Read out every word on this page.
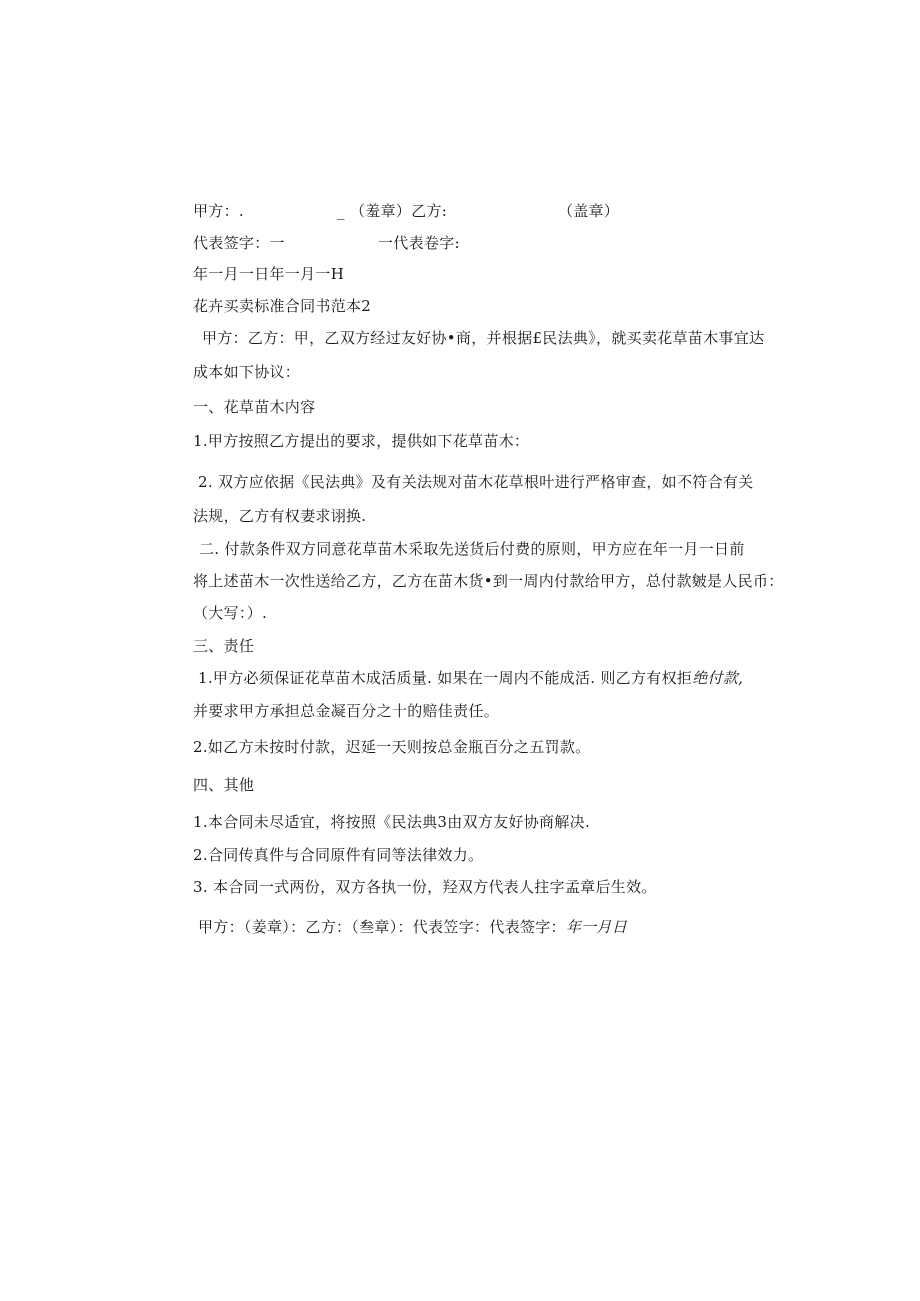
甲方：.	_ （羞章）乙方:	（盖章）
代表签字：一	一代表卷字:
年一月一日年一月一H
花卉买卖标准合同书范本2
甲方：乙方：甲，乙双方经过友好协•商，并根据£民法典》，就买卖花草苗木事宜达
成本如下协议：
一、花草苗木内容
1.甲方按照乙方提出的要求，提供如下花草苗木：
2. 双方应依据《民法典》及有关法规对苗木花草根叶进行严格审查，如不符合有关
法规，乙方有权妻求诩换.
二. 付款条件双方同意花草苗木采取先送货后付费的原则，甲方应在年一月一日前
将上述苗木一次性送给乙方，乙方在苗木货•到一周内付款给甲方，总付款皴是人民币：
（大写：）.
三、责任
1.甲方必须保证花草苗木成活质量. 如果在一周内不能成活. 则乙方有权拒绝付款,
并要求甲方承担总金凝百分之十的赔佳责任。
2.如乙方未按时付款，迟延一天则按总金瓶百分之五罚款。
四、其他
1.本合同未尽适宜，将按照《民法典3由双方友好协商解决.
2.合同传真件与合同原件有同等法律效力。
3. 本合同一式两份，双方各执一份，羟双方代表人拄字孟章后生效。
甲方：（姜章）：乙方：（叁章）：代表笠字：代表签字：年一月日
